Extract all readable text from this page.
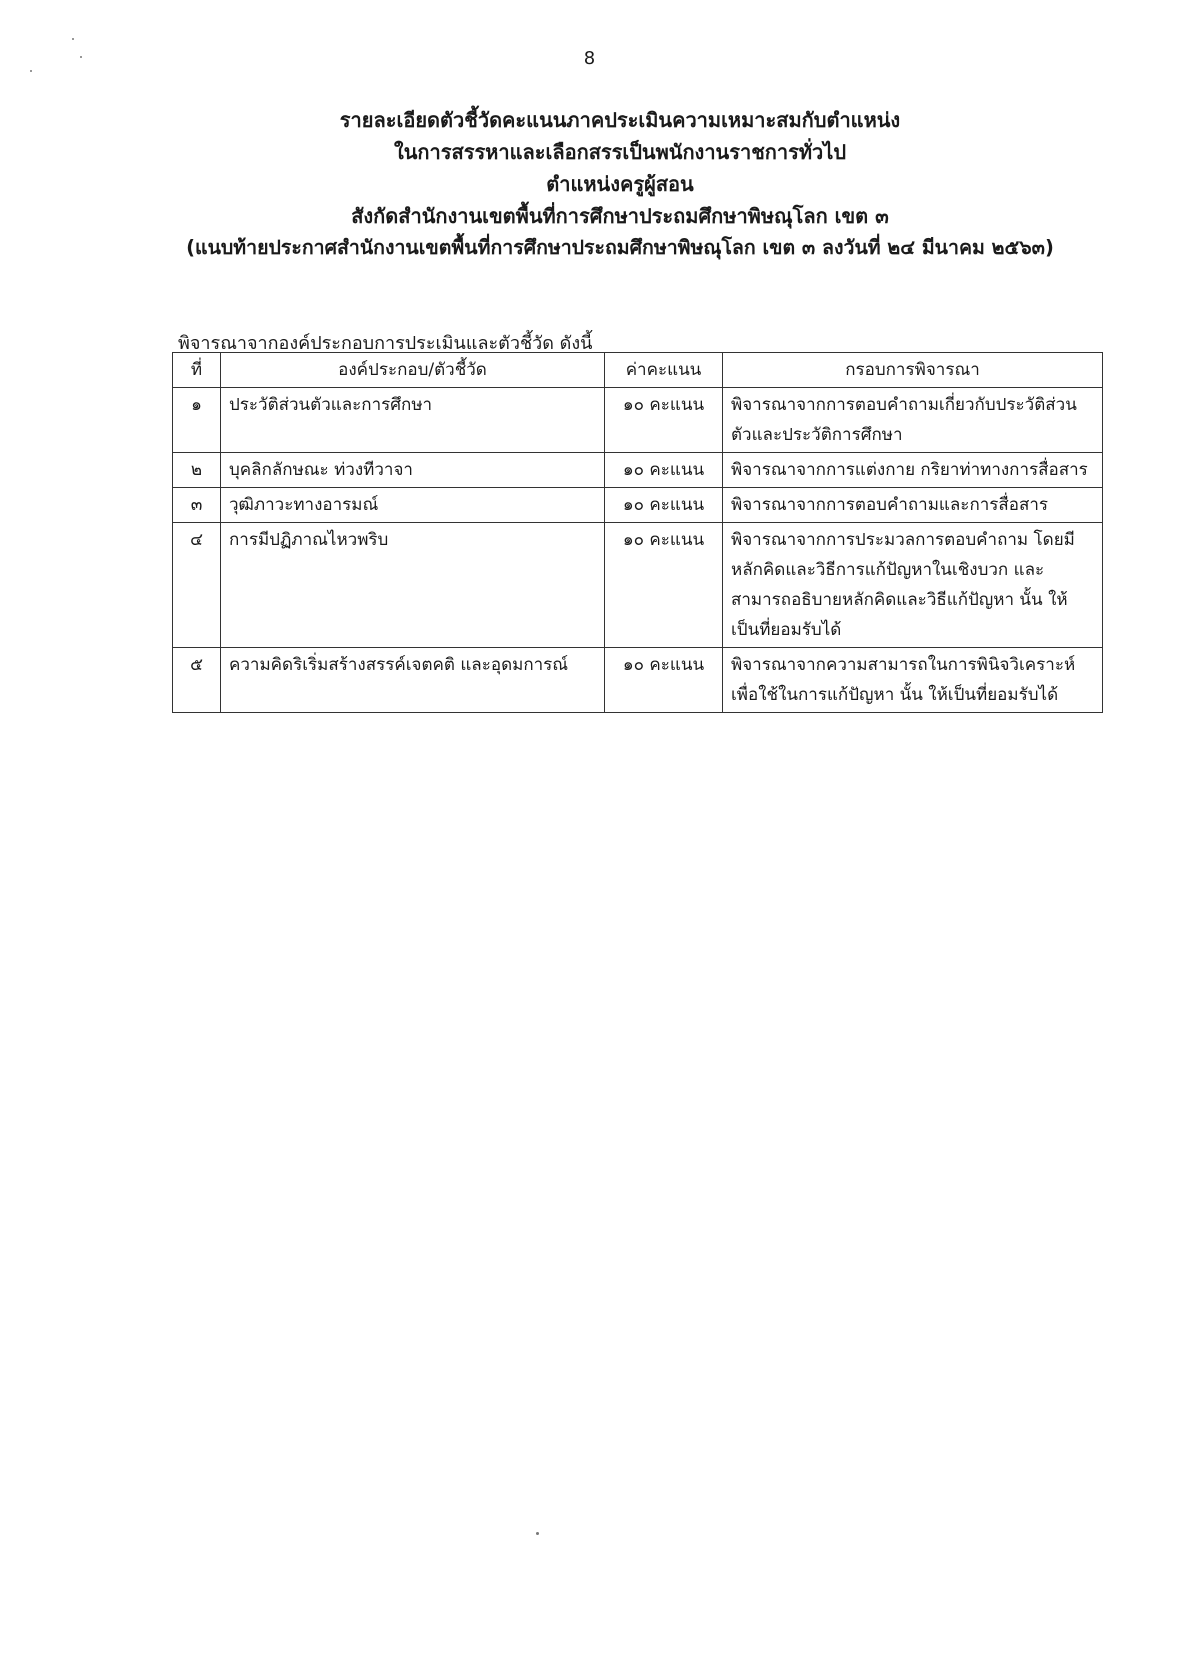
8
รายละเอียดตัวชี้วัดคะแนนภาคประเมินความเหมาะสมกับตำแหน่ง
ในการสรรหาและเลือกสรรเป็นพนักงานราชการทั่วไป
ตำแหน่งครูผู้สอน
สังกัดสำนักงานเขตพื้นที่การศึกษาประถมศึกษาพิษณุโลก เขต ๓
(แนบท้ายประกาศสำนักงานเขตพื้นที่การศึกษาประถมศึกษาพิษณุโลก เขต ๓ ลงวันที่ ๒๔ มีนาคม ๒๕๖๓)
พิจารณาจากองค์ประกอบการประเมินและตัวชี้วัด ดังนี้
ที่	องค์ประกอบ/ตัวชี้วัด	ค่าคะแนน	กรอบการพิจารณา
๑	ประวัติส่วนตัวและการศึกษา	๑๐ คะแนน	พิจารณาจากการตอบคำถามเกี่ยวกับประวัติส่วนตัวและประวัติการศึกษา
๒	บุคลิกลักษณะ ท่วงทีวาจา	๑๐ คะแนน	พิจารณาจากการแต่งกาย กริยาท่าทางการสื่อสาร
๓	วุฒิภาวะทางอารมณ์	๑๐ คะแนน	พิจารณาจากการตอบคำถามและการสื่อสาร
๔	การมีปฏิภาณไหวพริบ	๑๐ คะแนน	พิจารณาจากการประมวลการตอบคำถาม โดยมีหลักคิดและวิธีการแก้ปัญหาในเชิงบวก และสามารถอธิบายหลักคิดและวิธีแก้ปัญหา นั้น ให้เป็นที่ยอมรับได้
๕	ความคิดริเริ่มสร้างสรรค์เจตคติ และอุดมการณ์	๑๐ คะแนน	พิจารณาจากความสามารถในการพินิจวิเคราะห์ เพื่อใช้ในการแก้ปัญหา นั้น ให้เป็นที่ยอมรับได้
